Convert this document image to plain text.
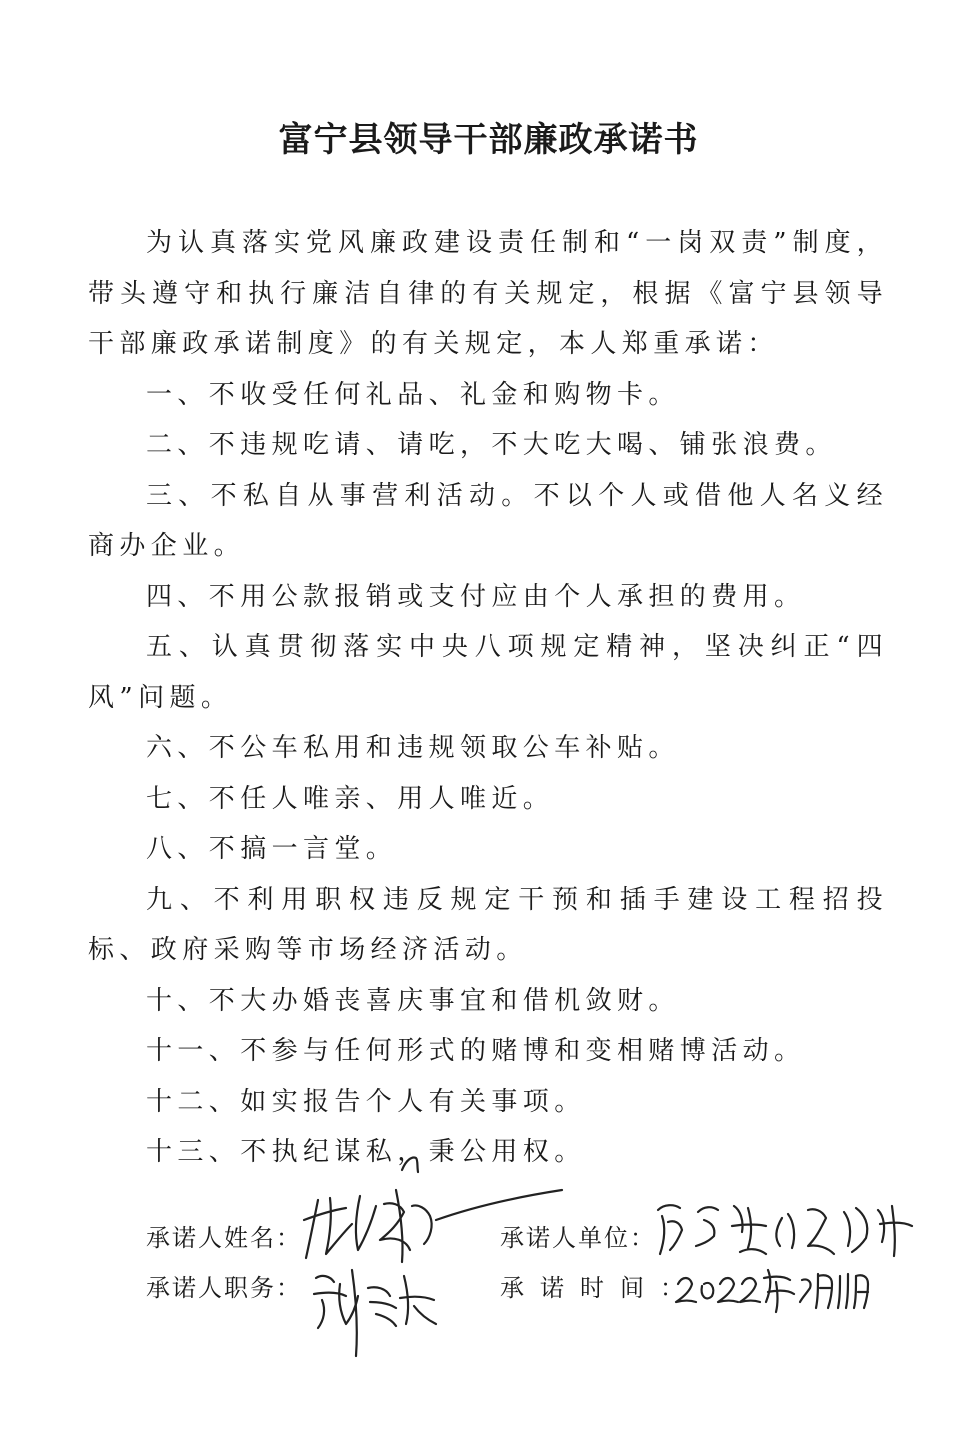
富宁县领导干部廉政承诺书

为认真落实党风廉政建设责任制和“一岗双责”制度，带头遵守和执行廉洁自律的有关规定，根据《富宁县领导干部廉政承诺制度》的有关规定，本人郑重承诺：

一、不收受任何礼品、礼金和购物卡。

二、不违规吃请、请吃，不大吃大喝、铺张浪费。

三、不私自从事营利活动。不以个人或借他人名义经商办企业。

四、不用公款报销或支付应由个人承担的费用。

五、认真贯彻落实中央八项规定精神，坚决纠正“四风”问题。

六、不公车私用和违规领取公车补贴。

七、不任人唯亲、用人唯近。

八、不搞一言堂。

九、不利用职权违反规定干预和插手建设工程招投标、政府采购等市场经济活动。

十、不大办婚丧喜庆事宜和借机敛财。

十一、不参与任何形式的赌博和变相赌博活动。

十二、如实报告个人有关事项。

十三、不执纪谋私，秉公用权。

承诺人姓名：	承诺人单位：
承诺人职务：	承诺时间：
